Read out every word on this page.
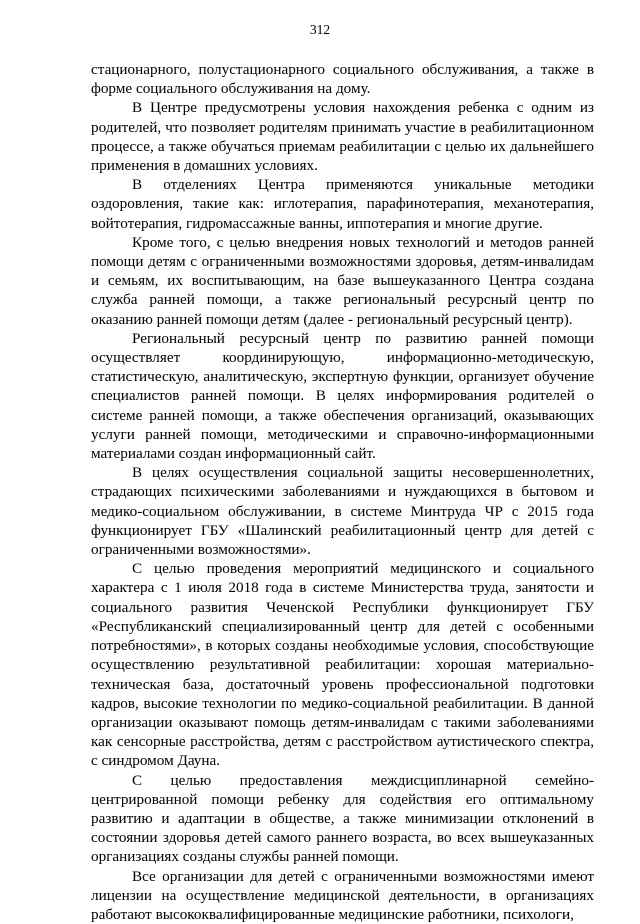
312

стационарного, полустационарного социального обслуживания, а также в форме социального обслуживания на дому.

В Центре предусмотрены условия нахождения ребенка с одним из родителей, что позволяет родителям принимать участие в реабилитационном процессе, а также обучаться приемам реабилитации с целью их дальнейшего применения в домашних условиях.

В отделениях Центра применяются уникальные методики оздоровления, такие как: иглотерапия, парафинотерапия, механотерапия, войтотерапия, гидромассажные ванны, иппотерапия и многие другие.

Кроме того, с целью внедрения новых технологий и методов ранней помощи детям с ограниченными возможностями здоровья, детям-инвалидам и семьям, их воспитывающим, на базе вышеуказанного Центра создана служба ранней помощи, а также региональный ресурсный центр по оказанию ранней помощи детям (далее - региональный ресурсный центр).

Региональный ресурсный центр по развитию ранней помощи осуществляет координирующую, информационно-методическую, статистическую, аналитическую, экспертную функции, организует обучение специалистов ранней помощи. В целях информирования родителей о системе ранней помощи, а также обеспечения организаций, оказывающих услуги ранней помощи, методическими и справочно-информационными материалами создан информационный сайт.

В целях осуществления социальной защиты несовершеннолетних, страдающих психическими заболеваниями и нуждающихся в бытовом и медико-социальном обслуживании, в системе Минтруда ЧР с 2015 года функционирует ГБУ «Шалинский реабилитационный центр для детей с ограниченными возможностями».

С целью проведения мероприятий медицинского и социального характера с 1 июля 2018 года в системе Министерства труда, занятости и социального развития Чеченской Республики функционирует ГБУ «Республиканский специализированный центр для детей с особенными потребностями», в которых созданы необходимые условия, способствующие осуществлению результативной реабилитации: хорошая материально-техническая база, достаточный уровень профессиональной подготовки кадров, высокие технологии по медико-социальной реабилитации. В данной организации оказывают помощь детям-инвалидам с такими заболеваниями как сенсорные расстройства, детям с расстройством аутистического спектра, с синдромом Дауна.

С целью предоставления междисциплинарной семейно-центрированной помощи ребенку для содействия его оптимальному развитию и адаптации в обществе, а также минимизации отклонений в состоянии здоровья детей самого раннего возраста, во всех вышеуказанных организациях созданы службы ранней помощи.

Все организации для детей с ограниченными возможностями имеют лицензии на осуществление медицинской деятельности, в организациях работают высококвалифицированные медицинские работники, психологи,
